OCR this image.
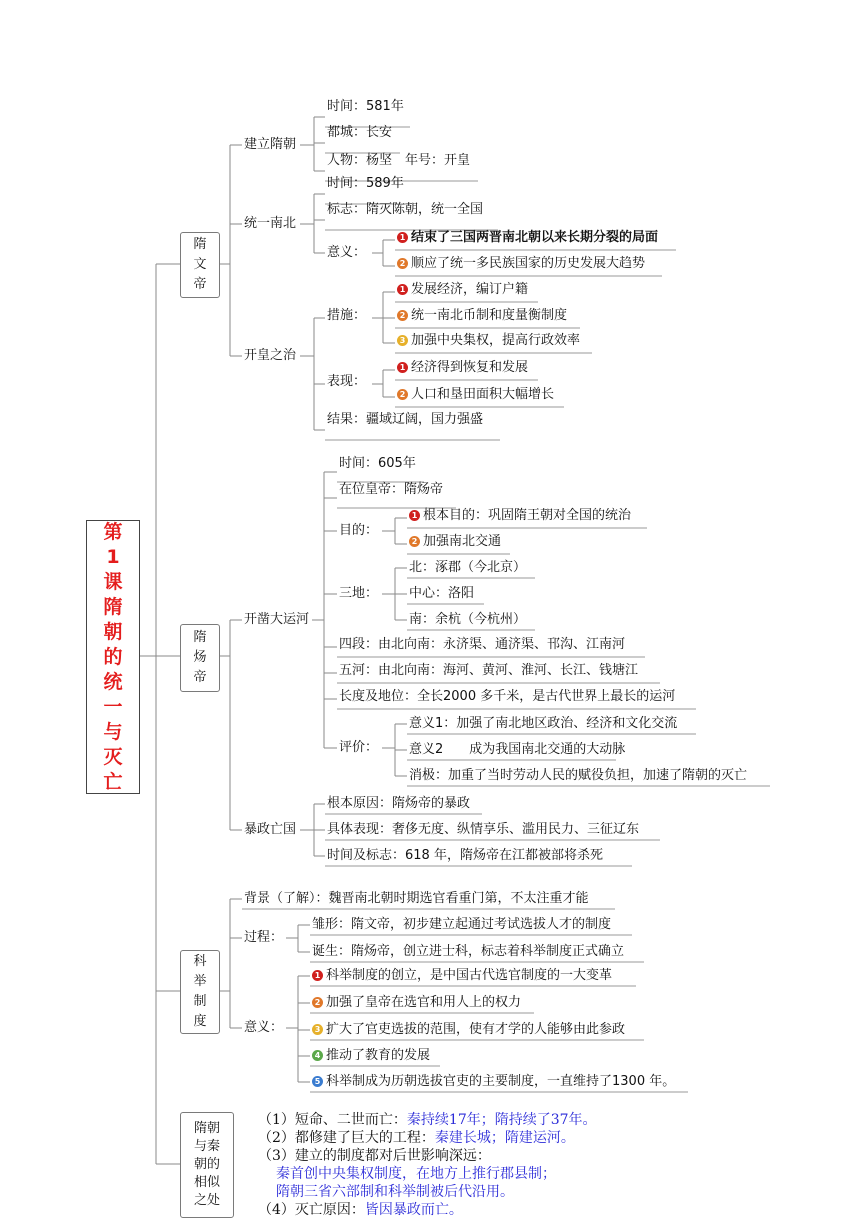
第1课隋朝的统一与灭亡
隋文帝
隋炀帝
科举制度
隋朝与秦朝的相似之处
建立隋朝
时间：581年
都城：长安
人物：杨坚　年号：开皇
统一南北
时间：589年
标志：隋灭陈朝，统一全国
意义：
1 结束了三国两晋南北朝以来长期分裂的局面
2 顺应了统一多民族国家的历史发展大趋势
开皇之治
措施：
1 发展经济，编订户籍
2 统一南北币制和度量衡制度
3 加强中央集权，提高行政效率
表现：
1 经济得到恢复和发展
2 人口和垦田面积大幅增长
结果：疆域辽阔，国力强盛
开凿大运河
时间：605年
在位皇帝：隋炀帝
目的：
1 根本目的：巩固隋王朝对全国的统治
2 加强南北交通
三地：
北：涿郡（今北京）
中心：洛阳
南：余杭（今杭州）
四段：由北向南：永济渠、通济渠、邗沟、江南河
五河：由北向南：海河、黄河、淮河、长江、钱塘江
长度及地位：全长2000 多千米，是古代世界上最长的运河
评价：
意义1：加强了南北地区政治、经济和文化交流
意义2　　成为我国南北交通的大动脉
消极：加重了当时劳动人民的赋役负担，加速了隋朝的灭亡
暴政亡国
根本原因：隋炀帝的暴政
具体表现：奢侈无度、纵情享乐、滥用民力、三征辽东
时间及标志：618 年，隋炀帝在江都被部将杀死
背景（了解）：魏晋南北朝时期选官看重门第，不太注重才能
过程：
雏形：隋文帝，初步建立起通过考试选拔人才的制度
诞生：隋炀帝，创立进士科，标志着科举制度正式确立
意义：
1 科举制度的创立，是中国古代选官制度的一大变革
2 加强了皇帝在选官和用人上的权力
3 扩大了官吏选拔的范围，使有才学的人能够由此参政
4 推动了教育的发展
5 科举制成为历朝选拔官吏的主要制度，一直维持了1300 年。
（1）短命、二世而亡：秦持续17年；隋持续了37年。
（2）都修建了巨大的工程：秦建长城；隋建运河。
（3）建立的制度都对后世影响深远：
秦首创中央集权制度，在地方上推行郡县制；
隋朝三省六部制和科举制被后代沿用。
（4）灭亡原因：皆因暴政而亡。
